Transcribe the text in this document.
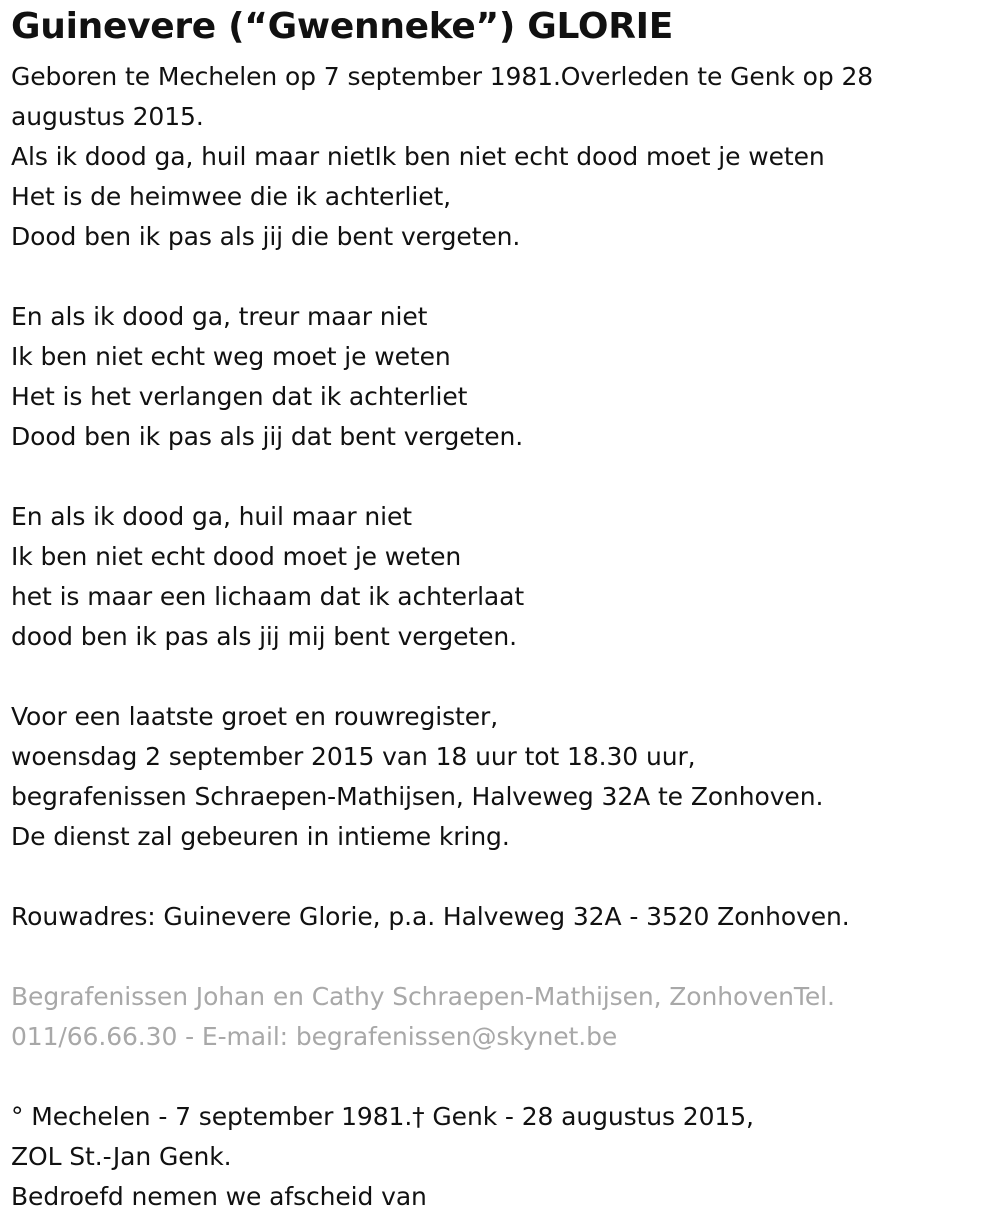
Guinevere (“Gwenneke”) GLORIE
Geboren te Mechelen op 7 september 1981.Overleden te Genk op 28
augustus 2015.
Als ik dood ga, huil maar nietIk ben niet echt dood moet je weten
Het is de heimwee die ik achterliet,
Dood ben ik pas als jij die bent vergeten.
En als ik dood ga, treur maar niet
Ik ben niet echt weg moet je weten
Het is het verlangen dat ik achterliet
Dood ben ik pas als jij dat bent vergeten.
En als ik dood ga, huil maar niet
Ik ben niet echt dood moet je weten
het is maar een lichaam dat ik achterlaat
dood ben ik pas als jij mij bent vergeten.
Voor een laatste groet en rouwregister,
woensdag 2 september 2015 van 18 uur tot 18.30 uur,
begrafenissen Schraepen-Mathijsen, Halveweg 32A te Zonhoven.
De dienst zal gebeuren in intieme kring.
Rouwadres: Guinevere Glorie, p.a. Halveweg 32A - 3520 Zonhoven.
Begrafenissen Johan en Cathy Schraepen-Mathijsen, ZonhovenTel.
011/66.66.30 - E-mail: begrafenissen@skynet.be
° Mechelen - 7 september 1981.† Genk - 28 augustus 2015,
ZOL St.-Jan Genk.
Bedroefd nemen we afscheid van
